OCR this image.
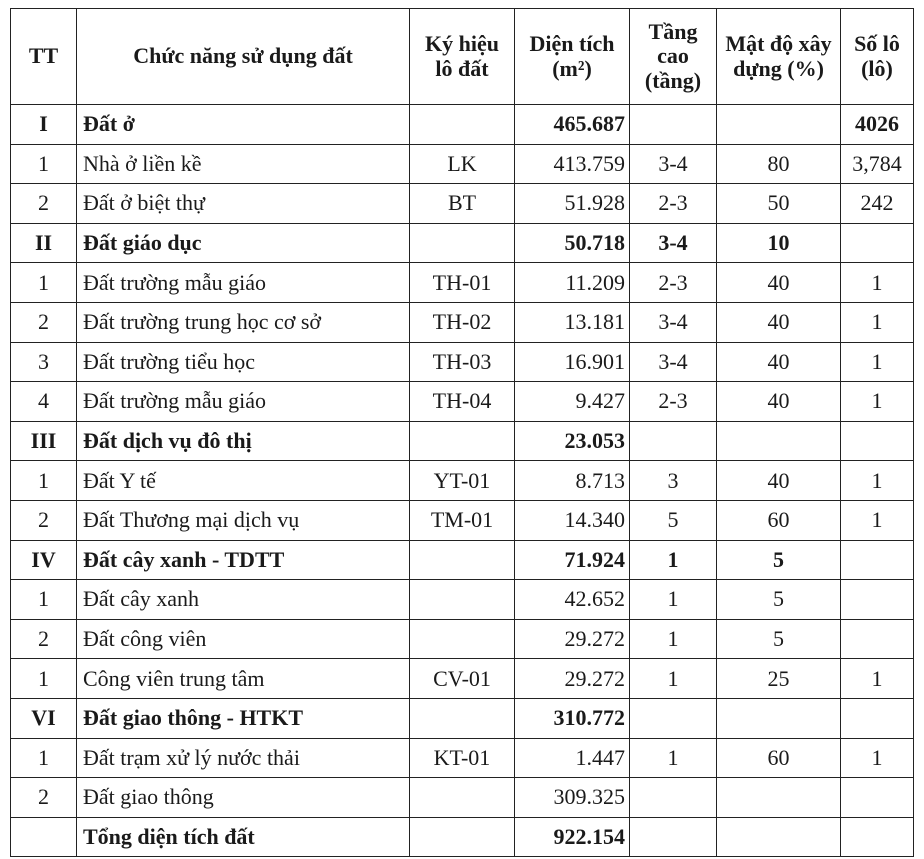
TT	Chức năng sử dụng đất	Ký hiệu lô đất	Diện tích (m²)	Tầng cao (tầng)	Mật độ xây dựng (%)	Số lô (lô)
I	Đất ở		465.687			4026
1	Nhà ở liền kề	LK	413.759	3-4	80	3,784
2	Đất ở biệt thự	BT	51.928	2-3	50	242
II	Đất giáo dục		50.718	3-4	10	
1	Đất trường mẫu giáo	TH-01	11.209	2-3	40	1
2	Đất trường trung học cơ sở	TH-02	13.181	3-4	40	1
3	Đất trường tiểu học	TH-03	16.901	3-4	40	1
4	Đất trường mẫu giáo	TH-04	9.427	2-3	40	1
III	Đất dịch vụ đô thị		23.053			
1	Đất Y tế	YT-01	8.713	3	40	1
2	Đất Thương mại dịch vụ	TM-01	14.340	5	60	1
IV	Đất cây xanh - TDTT		71.924	1	5	
1	Đất cây xanh		42.652	1	5	
2	Đất công viên		29.272	1	5	
1	Công viên trung tâm	CV-01	29.272	1	25	1
VI	Đất giao thông - HTKT		310.772			
1	Đất trạm xử lý nước thải	KT-01	1.447	1	60	1
2	Đất giao thông		309.325			
	Tổng diện tích đất		922.154			
